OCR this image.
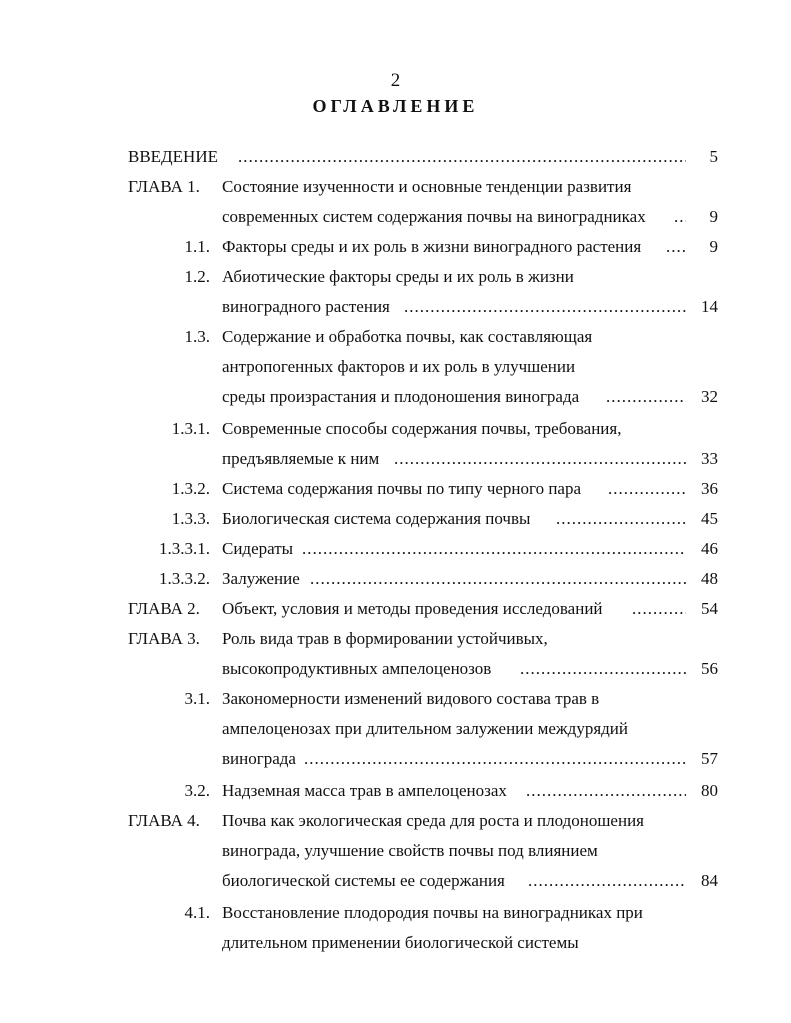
2
ОГЛАВЛЕНИЕ
ВВЕДЕНИЕ .....	5
ГЛАВА 1.	Состояние изученности и основные тенденции развития
современных систем содержания почвы на виноградниках .....	9
1.1. Факторы среды и их роль в жизни виноградного растения .....	9
1.2. Абиотические факторы среды и их роль в жизни
виноградного растения .....	14
1.3. Содержание и обработка почвы, как составляющая
антропогенных факторов и их роль в улучшении
среды произрастания и плодоношения винограда .....	32
1.3.1. Современные способы содержания почвы, требования,
предъявляемые к ним .....	33
1.3.2. Система содержания почвы по типу черного пара .....	36
1.3.3. Биологическая система содержания почвы .....	45
1.3.3.1. Сидераты .....	46
1.3.3.2. Залужение .....	48
ГЛАВА 2.	Объект, условия и методы проведения исследований .....	54
ГЛАВА 3.	Роль вида трав в формировании устойчивых,
высокопродуктивных ампелоценозов .....	56
3.1. Закономерности изменений видового состава трав в
ампелоценозах при длительном залужении междурядий
винограда .....	57
3.2. Надземная масса трав в ампелоценозах .....	80
ГЛАВА 4.	Почва как экологическая среда для роста и плодоношения
винограда, улучшение свойств почвы под влиянием
биологической системы ее содержания .....	84
4.1. Восстановление плодородия почвы на виноградниках при
длительном применении биологической системы
